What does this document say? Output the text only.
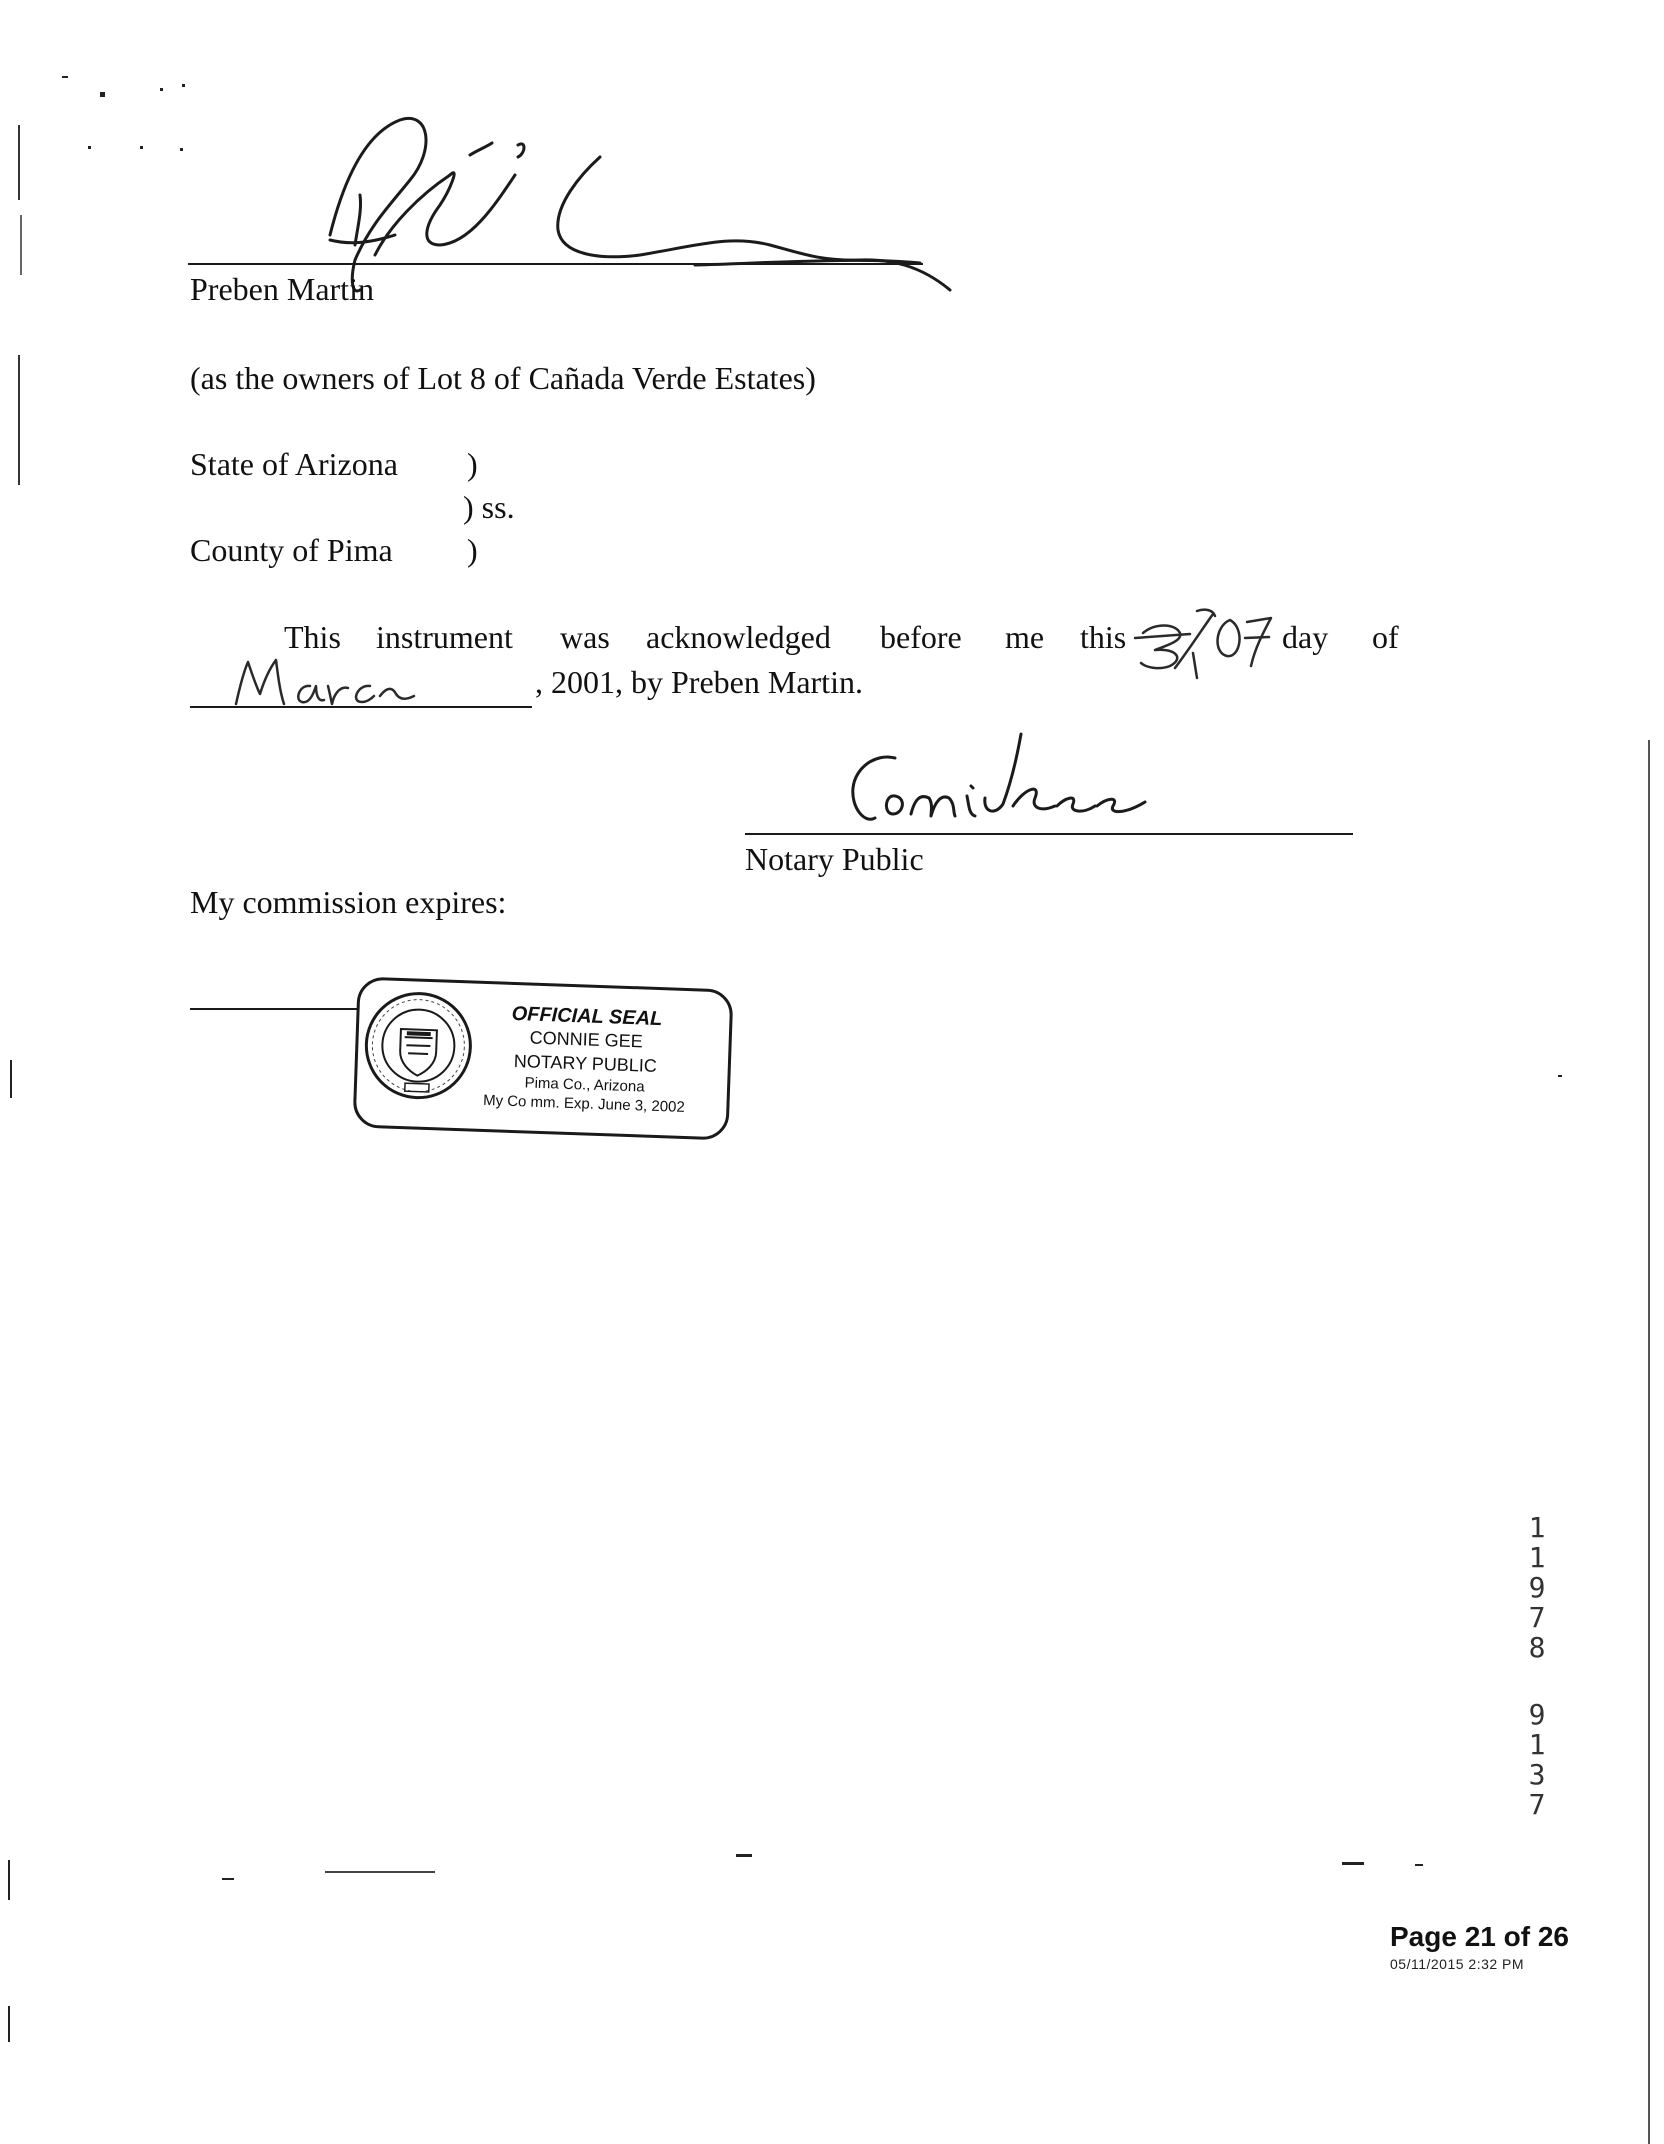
Preben Martin
(as the owners of Lot 8 of Cañada Verde Estates)
State of Arizona )
) ss.
County of Pima )
This instrument was acknowledged before me this	day of
, 2001, by Preben Martin.
Notary Public
My commission expires:
OFFICIAL SEAL
CONNIE GEE
NOTARY PUBLIC
Pima Co., Arizona
My Co mm. Exp. June 3, 2002
1
1
9
7
8
9
1
3
7
Page 21 of 26
05/11/2015 2:32 PM
